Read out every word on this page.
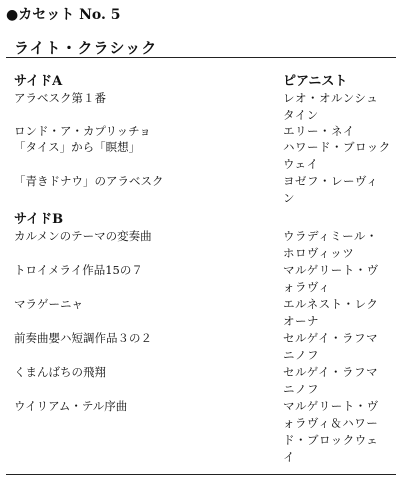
●カセット No. 5
ライト・クラシック
サイドA	ピアニスト
アラベスク第１番
ロンド・ア・カプリッチョ
「タイス」から「瞑想」
「青きドナウ」のアラベスク
レオ・オルンシュ
タイン
エリー・ネイ
ハワード・ブロック
ウェイ
ヨゼフ・レーヴィ
ン
サイドB
カルメンのテーマの変奏曲
トロイメライ作品15の７
マラゲーニャ
前奏曲嬰ハ短調作品３の２
くまんばちの飛翔
ウイリアム・テル序曲
ウラディミール・
ホロヴィッツ
マルゲリート・ヴ
ォラヴィ
エルネスト・レク
オーナ
セルゲイ・ラフマ
ニノフ
セルゲイ・ラフマ
ニノフ
マルゲリート・ヴ
ォラヴィ＆ハワー
ド・ブロックウェ
イ
